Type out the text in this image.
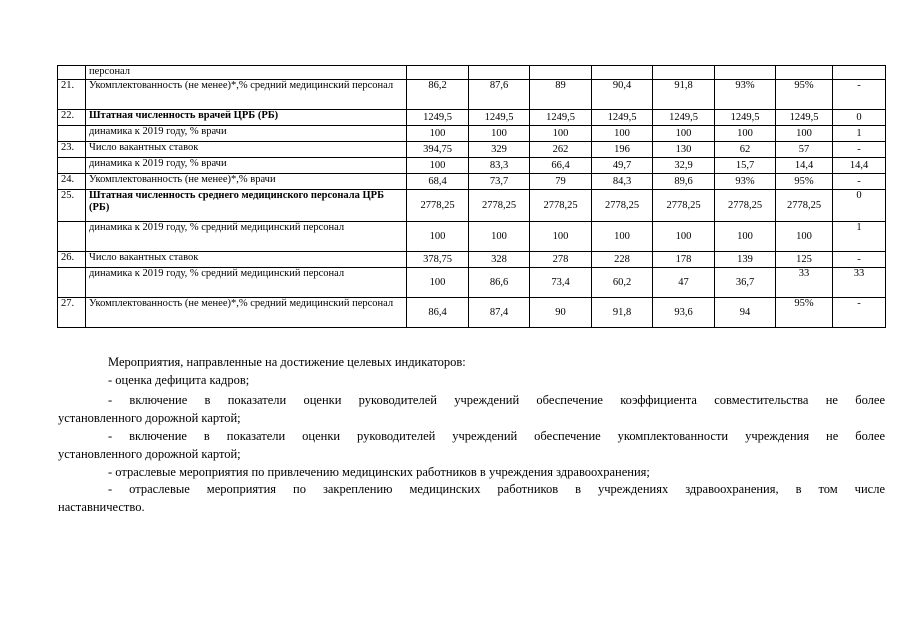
	персонал								
21.	Укомплектованность (не менее)*,% средний медицинский персонал	86,2	87,6	89	90,4	91,8	93%	95%	-
22.	Штатная численность врачей ЦРБ (РБ)	1249,5	1249,5	1249,5	1249,5	1249,5	1249,5	1249,5	0
	динамика к 2019 году, % врачи	100	100	100	100	100	100	100	1
23.	Число вакантных ставок	394,75	329	262	196	130	62	57	-
	динамика к 2019 году, % врачи	100	83,3	66,4	49,7	32,9	15,7	14,4	14,4
24.	Укомплектованность (не менее)*,% врачи	68,4	73,7	79	84,3	89,6	93%	95%	-
25.	Штатная численность среднего медицинского персонала ЦРБ (РБ)	2778,25	2778,25	2778,25	2778,25	2778,25	2778,25	2778,25	0
	динамика к 2019 году, % средний медицинский персонал	100	100	100	100	100	100	100	1
26.	Число вакантных ставок	378,75	328	278	228	178	139	125	-
	динамика к 2019 году, % средний медицинский персонал	100	86,6	73,4	60,2	47	36,7	33	33
27.	Укомплектованность (не менее)*,% средний медицинский персонал	86,4	87,4	90	91,8	93,6	94	95%	-
Мероприятия, направленные на достижение целевых индикаторов:
- оценка дефицита кадров;
- включение в показатели оценки руководителей учреждений обеспечение коэффициента совместительства не более
установленного дорожной картой;
- включение в показатели оценки руководителей учреждений обеспечение укомплектованности учреждения не более
установленного дорожной картой;
- отраслевые мероприятия по привлечению медицинских работников в учреждения здравоохранения;
- отраслевые мероприятия по закреплению медицинских работников в учреждениях здравоохранения, в том числе
наставничество.
